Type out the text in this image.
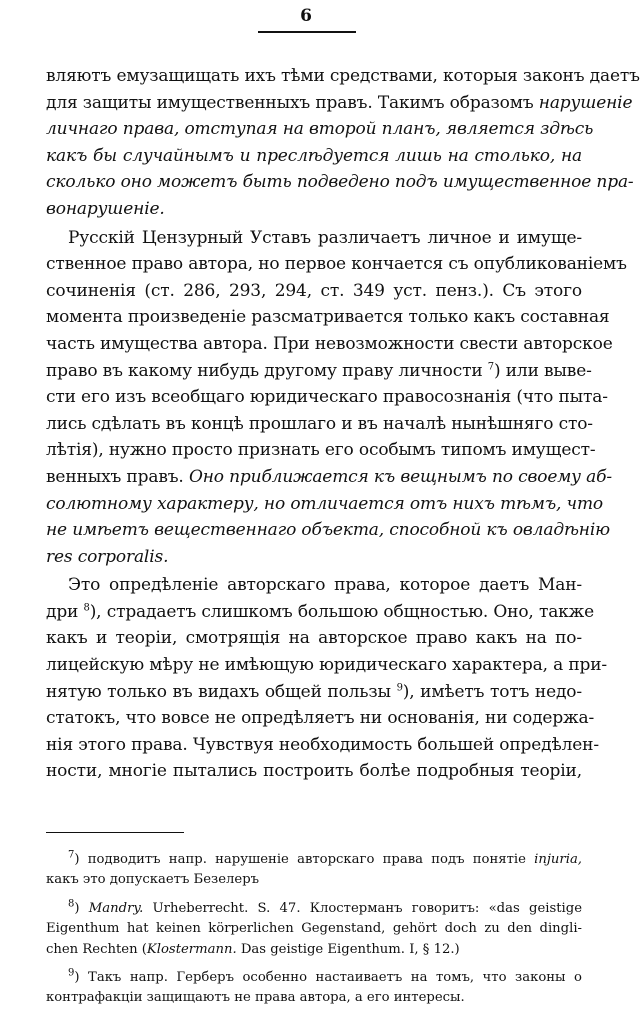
6
вляютъ емузащищать ихъ тѣми средствами, которыя законъ даетъ
для защиты имущественныхъ правъ. Такимъ образомъ нарушеніе
личнаго права, отступая на второй планъ, является здѣсь
какъ бы случайнымъ и преслѣдуется лишь на столько, на
сколько оно можетъ быть подведено подъ имущественное пра-
вонарушеніе.
Русскій Цензурный Уставъ различаетъ личное и имуще-
ственное право автора, но первое кончается съ опубликованіемъ
сочиненія (ст. 286, 293, 294, ст. 349 уст. пенз.). Съ этого
момента произведеніе разсматривается только какъ составная
часть имущества автора. При невозможности свести авторское
право въ какому нибудь другому праву личности $^7$) или выве-
сти его изъ всеобщаго юридическаго правосознанія (что пыта-
лись сдѣлать въ концѣ прошлаго и въ началѣ нынѣшняго сто-
лѣтія), нужно просто признать его особымъ типомъ имущест-
венныхъ правъ. Оно приближается къ вещнымъ по своему аб-
солютному характеру, но отличается отъ нихъ тѣмъ, что
не имѣетъ вещественнаго объекта, способной къ овладѣнію
res corporalis.
Это опредѣленіе авторскаго права, которое даетъ Ман-
дри $^8$), страдаетъ слишкомъ большою общностью. Оно, также
какъ и теоріи, смотрящія на авторское право какъ на по-
лицейскую мѣру не имѣющую юридическаго характера, а при-
нятую только въ видахъ общей пользы $^9$), имѣетъ тотъ недо-
статокъ, что вовсе не опредѣляетъ ни основанія, ни содержа-
нія этого права. Чувствуя необходимость большей опредѣлен-
ности, многіе пытались построить болѣе подробныя теоріи,
$^7$) подводитъ напр. нарушеніе авторскаго права подъ понятіе injuria,
какъ это допускаетъ Безелеръ
$^8$) Mandry. Urheberrecht. S. 47. Клостерманъ говоритъ: «das geistige
Eigenthum hat keinen körperlichen Gegenstand, gehört doch zu den dingli-
chen Rechten (Klostermann. Das geistige Eigenthum. I, § 12.)
$^9$) Такъ напр. Герберъ особенно настаиваетъ на томъ, что законы о
контрафакціи защищаютъ не права автора, а его интересы.
